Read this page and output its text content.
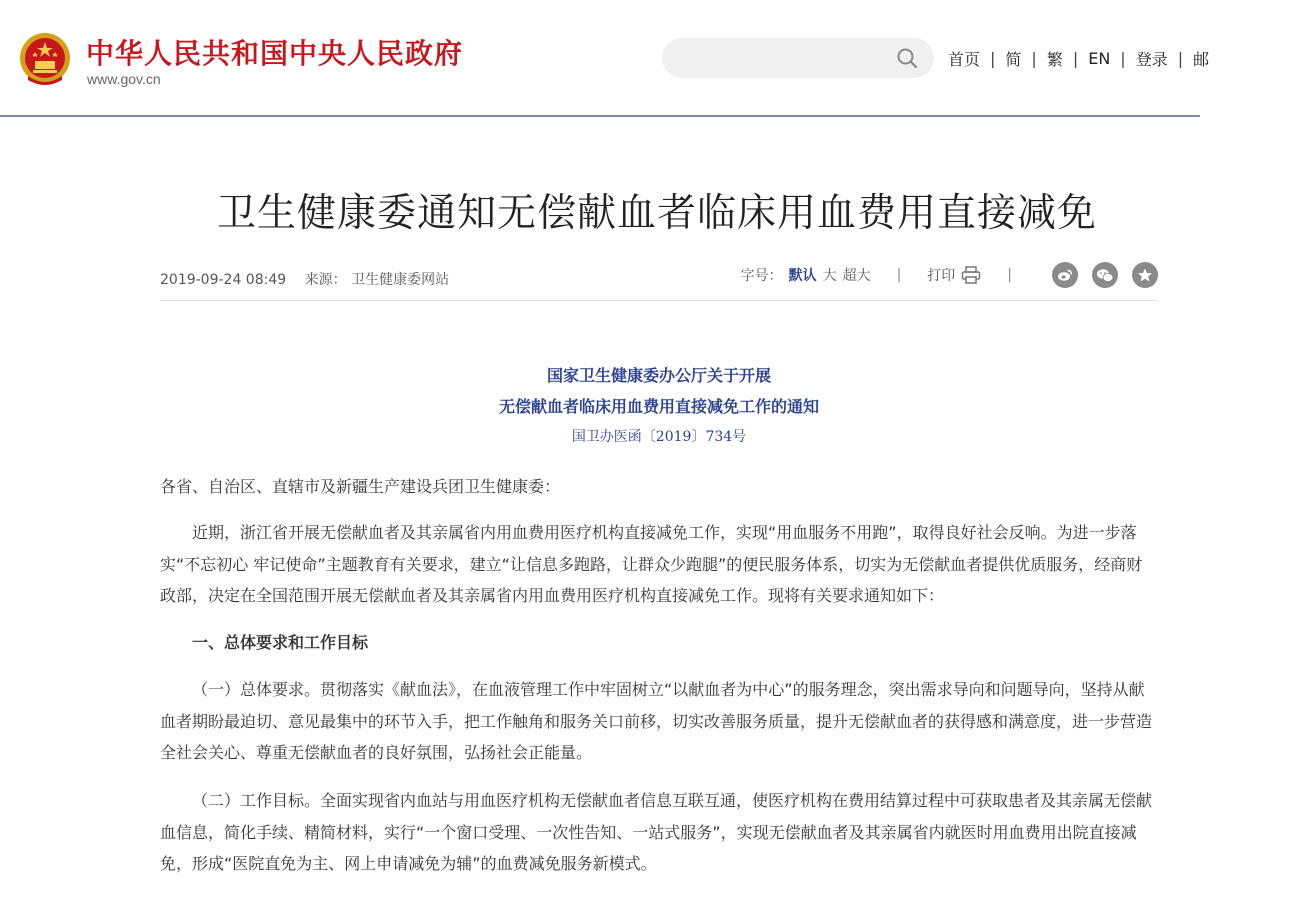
中华人民共和国中央人民政府
www.gov.cn
首页 | 简 | 繁 | EN | 登录 | 邮
卫生健康委通知无偿献血者临床用血费用直接减免
2019-09-24 08:49 来源： 卫生健康委网站	字号： 默认 大 超大 | 打印	|
国家卫生健康委办公厅关于开展
无偿献血者临床用血费用直接减免工作的通知
国卫办医函〔2019〕734号
各省、自治区、直辖市及新疆生产建设兵团卫生健康委：
近期，浙江省开展无偿献血者及其亲属省内用血费用医疗机构直接减免工作，实现“用血服务不用跑”，取得良好社会反响。为进一步落实“不忘初心 牢记使命”主题教育有关要求，建立“让信息多跑路，让群众少跑腿”的便民服务体系，切实为无偿献血者提供优质服务，经商财政部，决定在全国范围开展无偿献血者及其亲属省内用血费用医疗机构直接减免工作。现将有关要求通知如下：
一、总体要求和工作目标
（一）总体要求。贯彻落实《献血法》，在血液管理工作中牢固树立“以献血者为中心”的服务理念，突出需求导向和问题导向，坚持从献血者期盼最迫切、意见最集中的环节入手，把工作触角和服务关口前移，切实改善服务质量，提升无偿献血者的获得感和满意度，进一步营造全社会关心、尊重无偿献血者的良好氛围，弘扬社会正能量。
（二）工作目标。全面实现省内血站与用血医疗机构无偿献血者信息互联互通，使医疗机构在费用结算过程中可获取患者及其亲属无偿献血信息，简化手续、精简材料，实行“一个窗口受理、一次性告知、一站式服务”，实现无偿献血者及其亲属省内就医时用血费用出院直接减免，形成“医院直免为主、网上申请减免为辅”的血费减免服务新模式。
